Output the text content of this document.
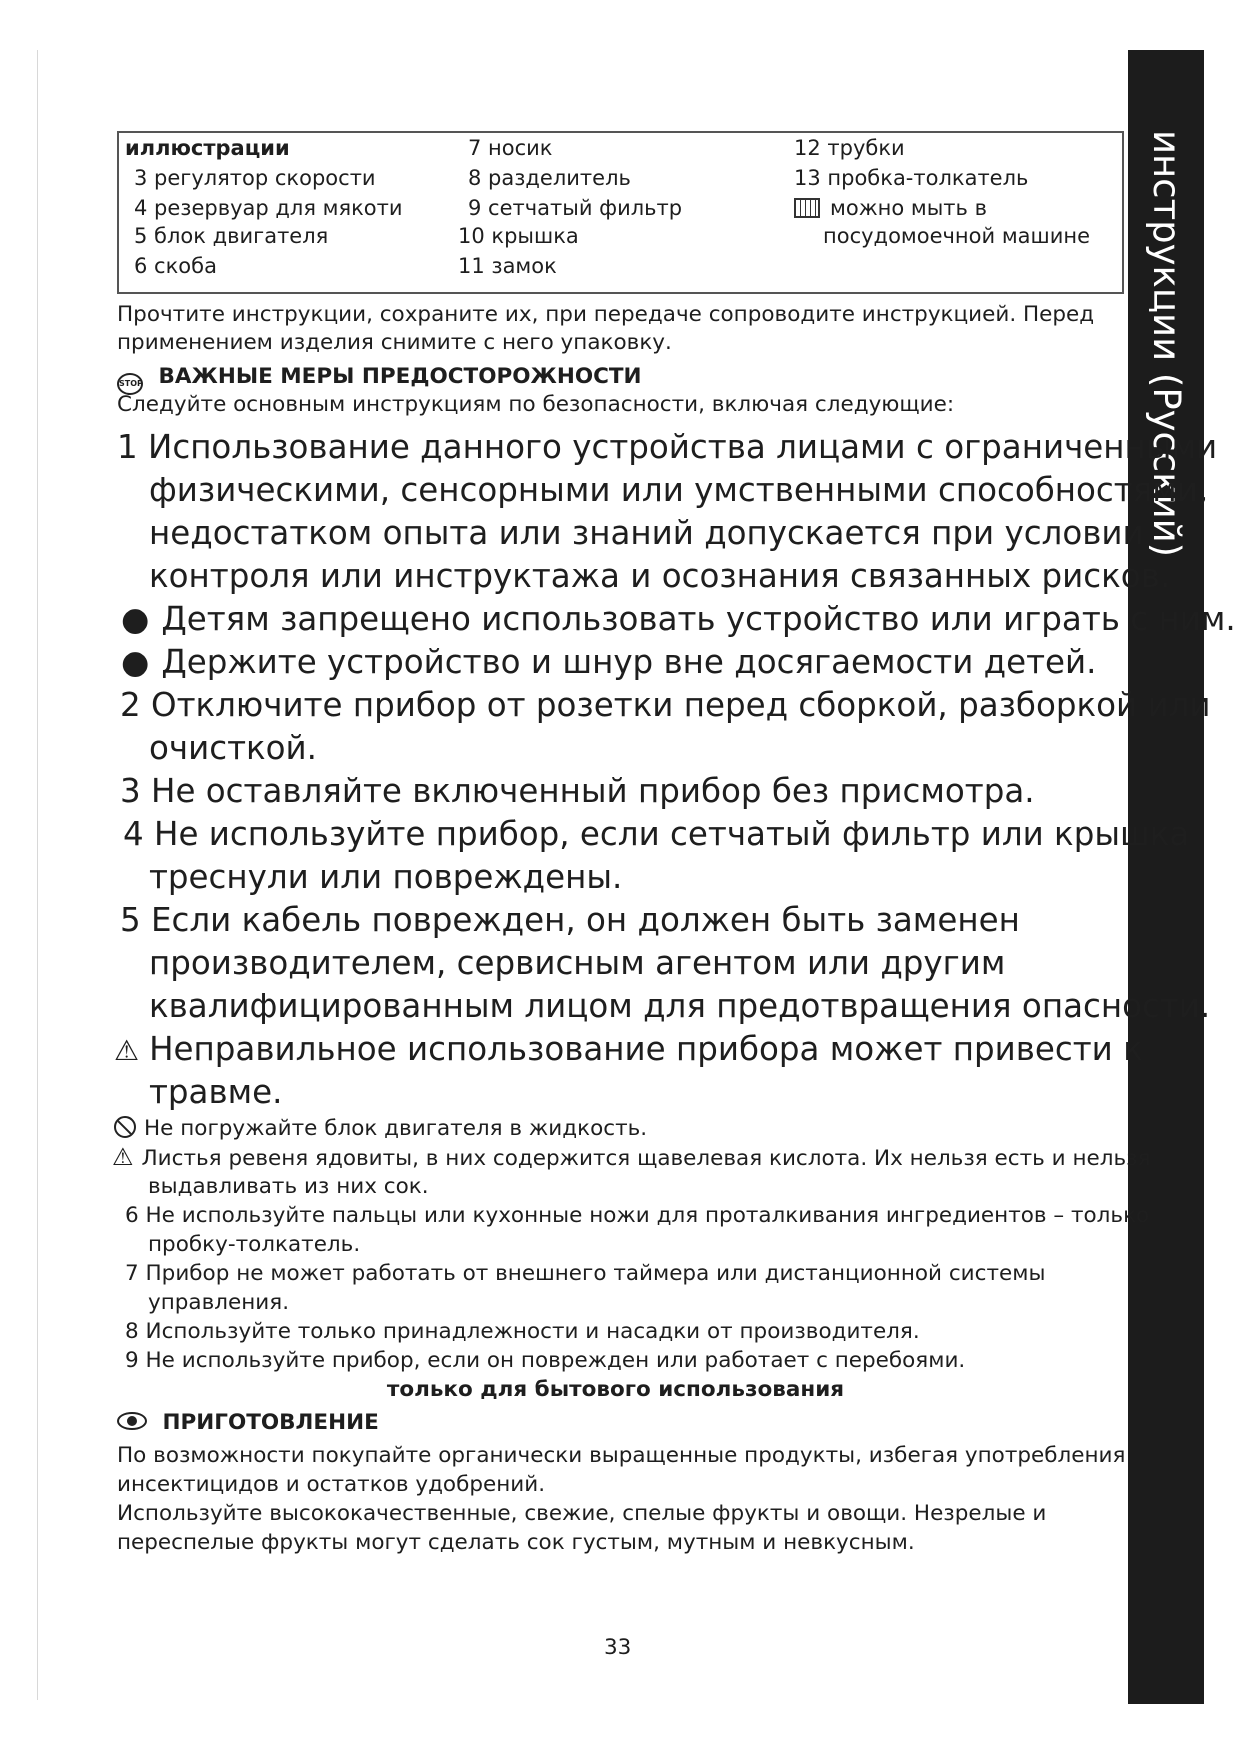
инструкции (Русский)
иллюстрации
3 регулятор скорости
4 резервуар для мякоти
5 блок двигателя
6 скоба
7 носик
8 разделитель
9 сетчатый фильтр
10 крышка
11 замок
12 трубки
13 пробка-толкатель
можно мыть в
посудомоечной машине
Прочтите инструкции, сохраните их, при передаче сопроводите инструкцией. Перед
применением изделия снимите с него упаковку.
STOP ВАЖНЫЕ МЕРЫ ПРЕДОСТОРОЖНОСТИ
Следуйте основным инструкциям по безопасности, включая следующие:
1 Использование данного устройства лицами с ограниченными
физическими, сенсорными или умственными способностями,
недостатком опыта или знаний допускается при условии
контроля или инструктажа и осознания связанных рисков.
● Детям запрещено использовать устройство или играть с ним.
● Держите устройство и шнур вне досягаемости детей.
2 Отключите прибор от розетки перед сборкой, разборкой или
очисткой.
3 Не оставляйте включенный прибор без присмотра.
4 Не используйте прибор, если сетчатый фильтр или крышка
треснули или повреждены.
5 Если кабель поврежден, он должен быть заменен
производителем, сервисным агентом или другим
квалифицированным лицом для предотвращения опасности.
⚠ Неправильное использование прибора может привести к
травме.
Не погружайте блок двигателя в жидкость.
⚠ Листья ревеня ядовиты, в них содержится щавелевая кислота. Их нельзя есть и нельзя
выдавливать из них сок.
6 Не используйте пальцы или кухонные ножи для проталкивания ингредиентов – только
пробку-толкатель.
7 Прибор не может работать от внешнего таймера или дистанционной системы
управления.
8 Используйте только принадлежности и насадки от производителя.
9 Не используйте прибор, если он поврежден или работает с перебоями.
только для бытового использования
ПРИГОТОВЛЕНИЕ
По возможности покупайте органически выращенные продукты, избегая употребления
инсектицидов и остатков удобрений.
Используйте высококачественные, свежие, спелые фрукты и овощи. Незрелые и
переспелые фрукты могут сделать сок густым, мутным и невкусным.
33
